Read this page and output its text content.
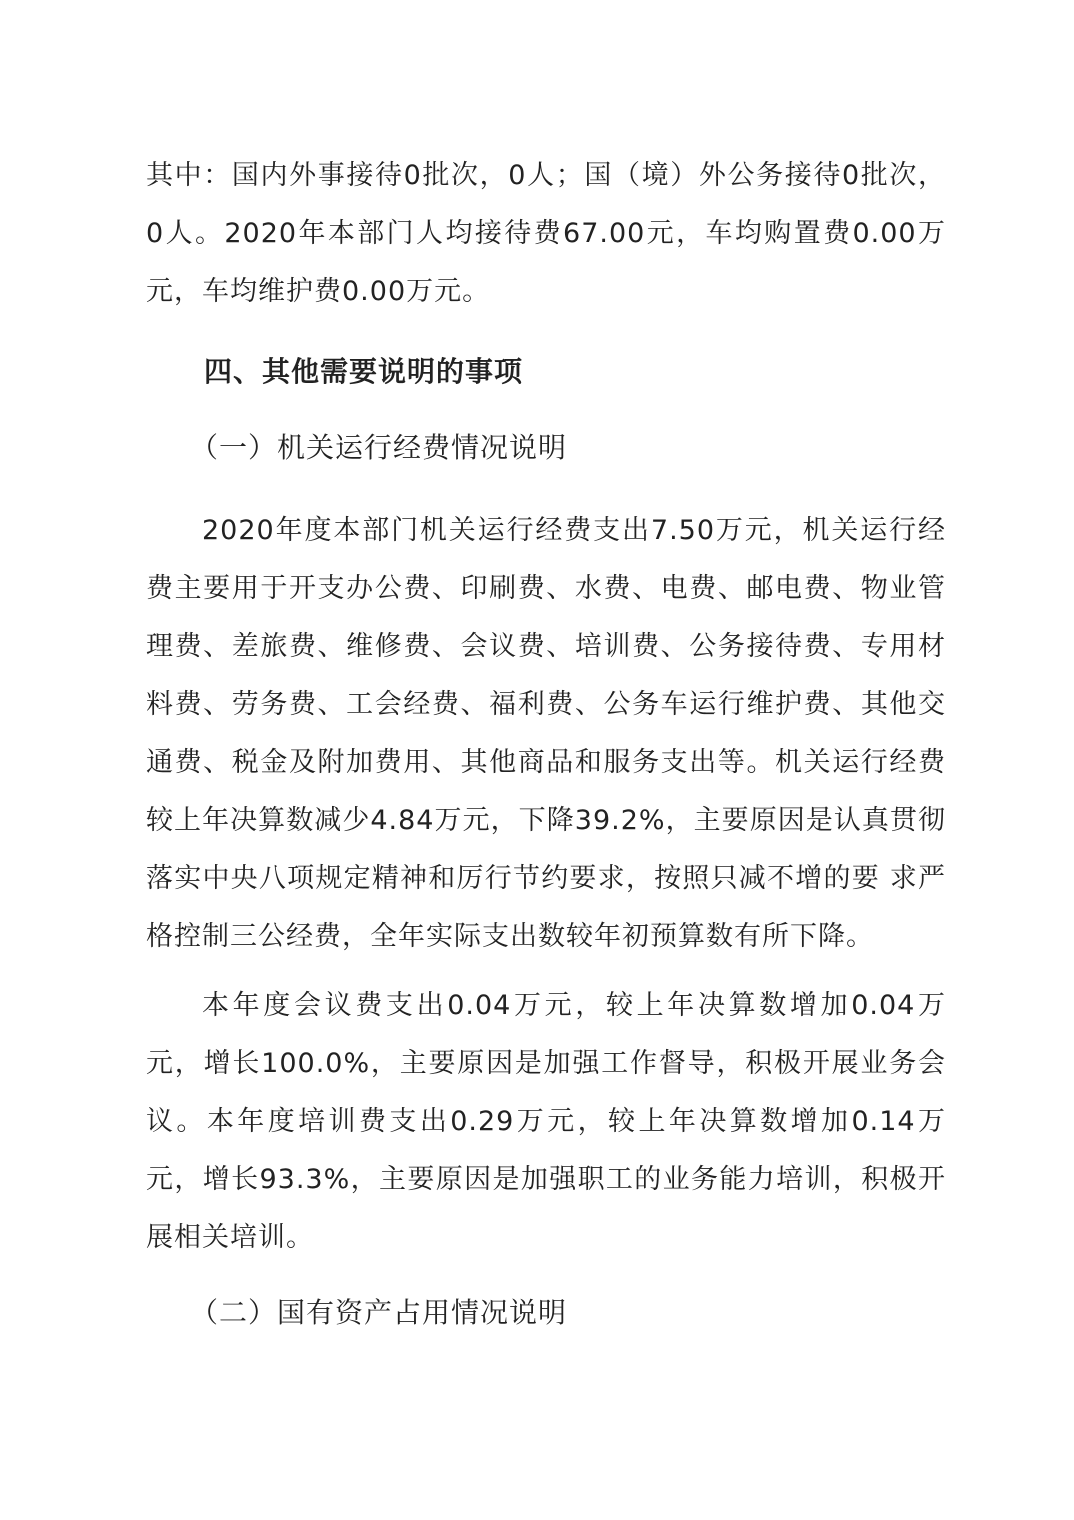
其中：国内外事接待0批次，0人；国（境）外公务接待0批次，0人。2020年本部门人均接待费67.00元，车均购置费0.00万元，车均维护费0.00万元。

四、其他需要说明的事项
（一）机关运行经费情况说明

2020年度本部门机关运行经费支出7.50万元，机关运行经费主要用于开支办公费、印刷费、水费、电费、邮电费、物业管理费、差旅费、维修费、会议费、培训费、公务接待费、专用材料费、劳务费、工会经费、福利费、公务车运行维护费、其他交通费、税金及附加费用、其他商品和服务支出等。机关运行经费较上年决算数减少4.84万元，下降39.2%，主要原因是认真贯彻落实中央八项规定精神和厉行节约要求，按照只减不增的要 求严格控制三公经费，全年实际支出数较年初预算数有所下降。

本年度会议费支出0.04万元，较上年决算数增加0.04万元，增长100.0%，主要原因是加强工作督导，积极开展业务会议。本年度培训费支出0.29万元，较上年决算数增加0.14万元，增长93.3%，主要原因是加强职工的业务能力培训，积极开展相关培训。

（二）国有资产占用情况说明
